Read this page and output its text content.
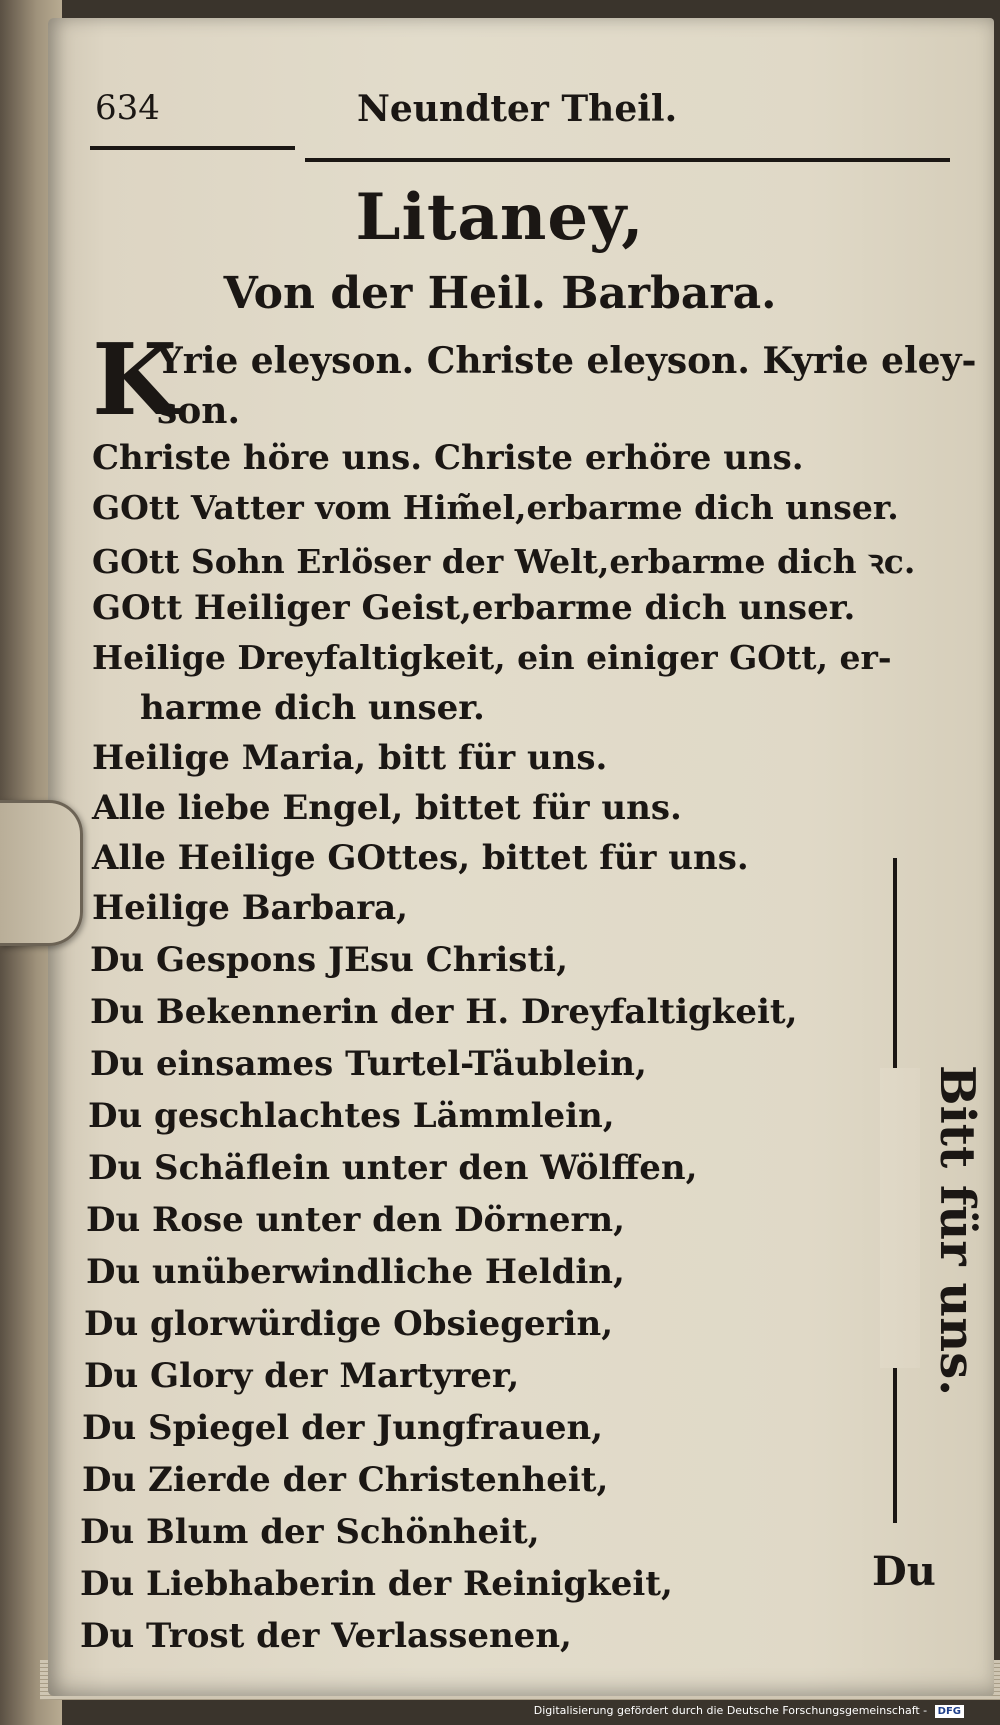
634	Neundter Theil.
Litaney,
Von der Heil. Barbara.
K
Yrie eleyson. Christe eleyson. Kyrie eley-
son.
Christe höre uns. Christe erhöre uns.
GOtt Vatter vom Him̃el,erbarme dich unser.
GOtt Sohn Erlöser der Welt,erbarme dich ꝛc.
GOtt Heiliger Geist,erbarme dich unser.
Heilige Dreyfaltigkeit, ein einiger GOtt, er-
harme dich unser.
Heilige Maria, bitt für uns.
Alle liebe Engel, bittet für uns.
Alle Heilige GOttes, bittet für uns.
Heilige Barbara,
Du Gespons JEsu Christi,
Du Bekennerin der H. Dreyfaltigkeit,
Du einsames Turtel-Täublein,
Du geschlachtes Lämmlein,
Du Schäflein unter den Wölffen,
Du Rose unter den Dörnern,
Du unüberwindliche Heldin,
Du glorwürdige Obsiegerin,
Du Glory der Martyrer,
Du Spiegel der Jungfrauen,
Du Zierde der Christenheit,
Du Blum der Schönheit,
Du Liebhaberin der Reinigkeit,
Du Trost der Verlassenen,
Bitt für uns.
Du
Digitalisierung gefördert durch die Deutsche Forschungsgemeinschaft - DFG
